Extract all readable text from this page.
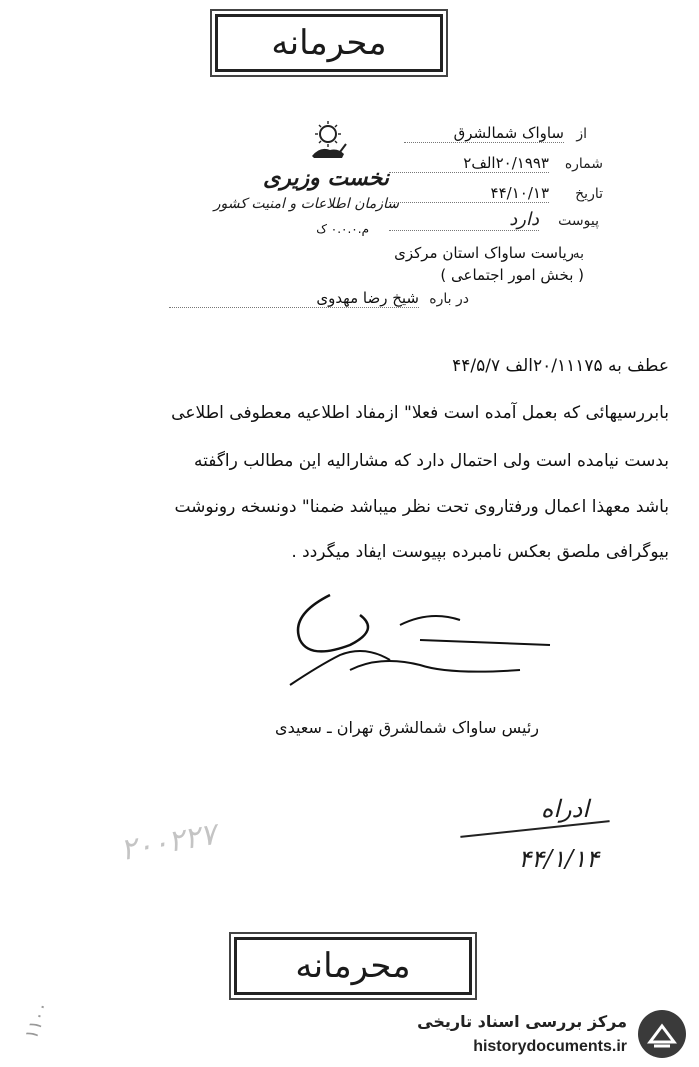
محرمانه
نخست وزیری
سازمان اطلاعات و امنیت کشور
م.۰.۰.۰ ک
از
ساواک شمالشرق
شماره
۲۰/۱۹۹۳الف۲
تاریخ
۴۴/۱۰/۱۳
پیوست
دارد
به
ریاست ساواک استان مرکزی
( بخش امور اجتماعی )
در باره
شیخ رضا مهدوی
عطف به ۲۰/۱۱۱۷۵الف ۴۴/۵/۷
بابررسیهائی که بعمل آمده است فعلا" ازمفاد اطلاعیه معطوفی اطلاعی
بدست نیامده است ولی احتمال دارد که مشارالیه این مطالب راگفته
باشد معهذا اعمال ورفتاروی تحت نظر میباشد ضمنا" دونسخه رونوشت
بیوگرافی ملصق بعکس نامبرده بپیوست ایفاد میگردد .
رئیس ساواک شمالشرق تهران ـ سعیدی
ادراه
۴۴/۱/۱۴
۲۰۰۲۲۷
محرمانه
۱۱۰۰	مرکز بررسی اسناد تاریخی
historydocuments.ir
